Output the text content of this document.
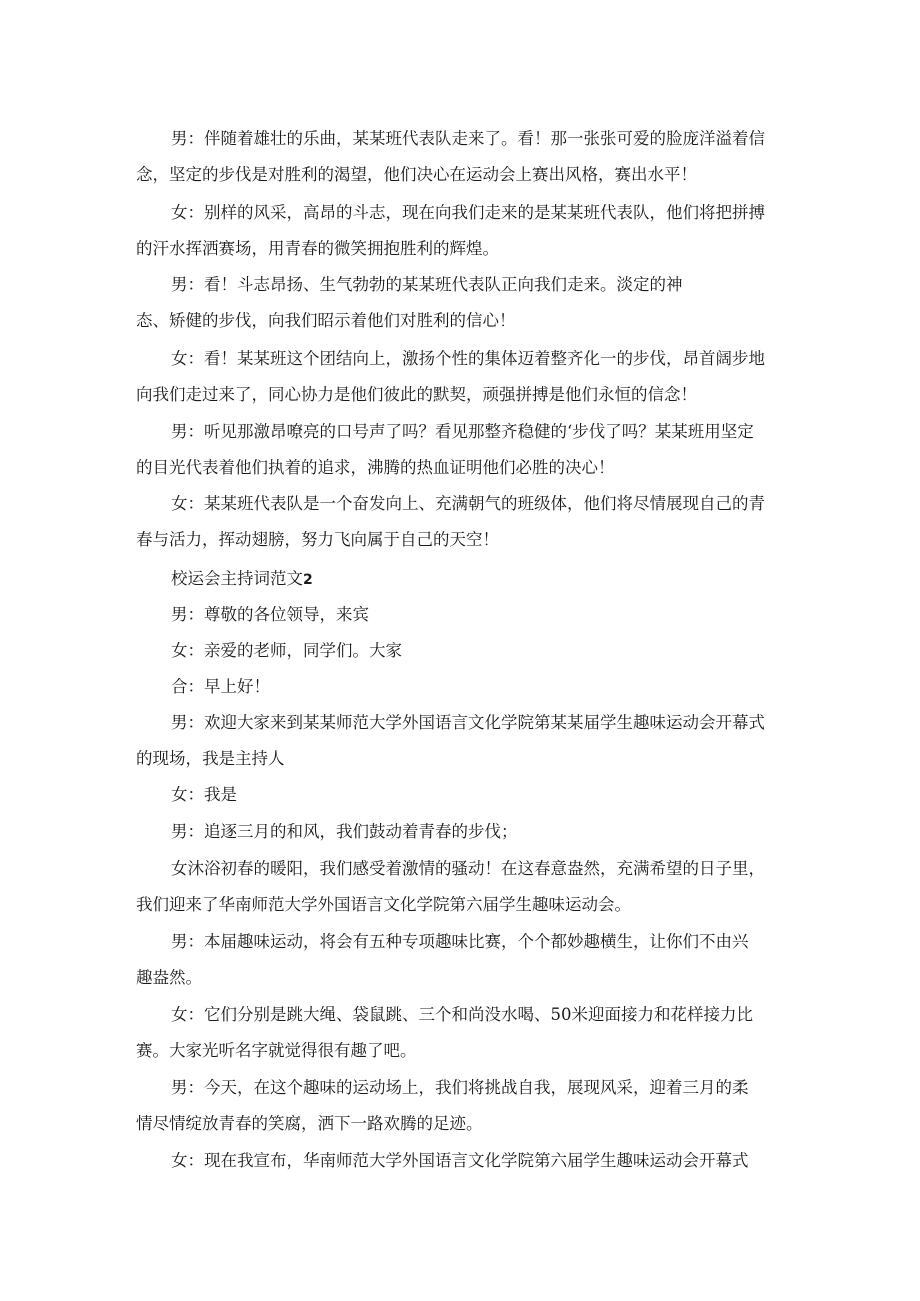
男：伴随着雄壮的乐曲，某某班代表队走来了。看！那一张张可爱的脸庞洋溢着信
念，坚定的步伐是对胜利的渴望，他们决心在运动会上赛出风格，赛出水平！

女：别样的风采，高昂的斗志，现在向我们走来的是某某班代表队，他们将把拼搏
的汗水挥洒赛场，用青春的微笑拥抱胜利的辉煌。

男：看！斗志昂扬、生气勃勃的某某班代表队正向我们走来。淡定的神
态、矫健的步伐，向我们昭示着他们对胜利的信心！

女：看！某某班这个团结向上，激扬个性的集体迈着整齐化一的步伐，昂首阔步地
向我们走过来了，同心协力是他们彼此的默契，顽强拼搏是他们永恒的信念！

男：听见那激昂嘹亮的口号声了吗？看见那整齐稳健的‘步伐了吗？某某班用坚定
的目光代表着他们执着的追求，沸腾的热血证明他们必胜的决心！

女：某某班代表队是一个奋发向上、充满朝气的班级体，他们将尽情展现自己的青
春与活力，挥动翅膀，努力飞向属于自己的天空！

校运会主持词范文2

男：尊敬的各位领导，来宾

女：亲爱的老师，同学们。大家

合：早上好！

男：欢迎大家来到某某师范大学外国语言文化学院第某某届学生趣味运动会开幕式
的现场，我是主持人

女：我是

男：追逐三月的和风，我们鼓动着青春的步伐；

女沐浴初春的暖阳，我们感受着激情的骚动！在这春意盎然，充满希望的日子里，
我们迎来了华南师范大学外国语言文化学院第六届学生趣味运动会。

男：本届趣味运动，将会有五种专项趣味比赛，个个都妙趣横生，让你们不由兴
趣盎然。

女：它们分别是跳大绳、袋鼠跳、三个和尚没水喝、50米迎面接力和花样接力比
赛。大家光听名字就觉得很有趣了吧。

男：今天，在这个趣味的运动场上，我们将挑战自我，展现风采，迎着三月的柔
情尽情绽放青春的笑腐，洒下一路欢腾的足迹。

女：现在我宣布，华南师范大学外国语言文化学院第六届学生趣味运动会开幕式
